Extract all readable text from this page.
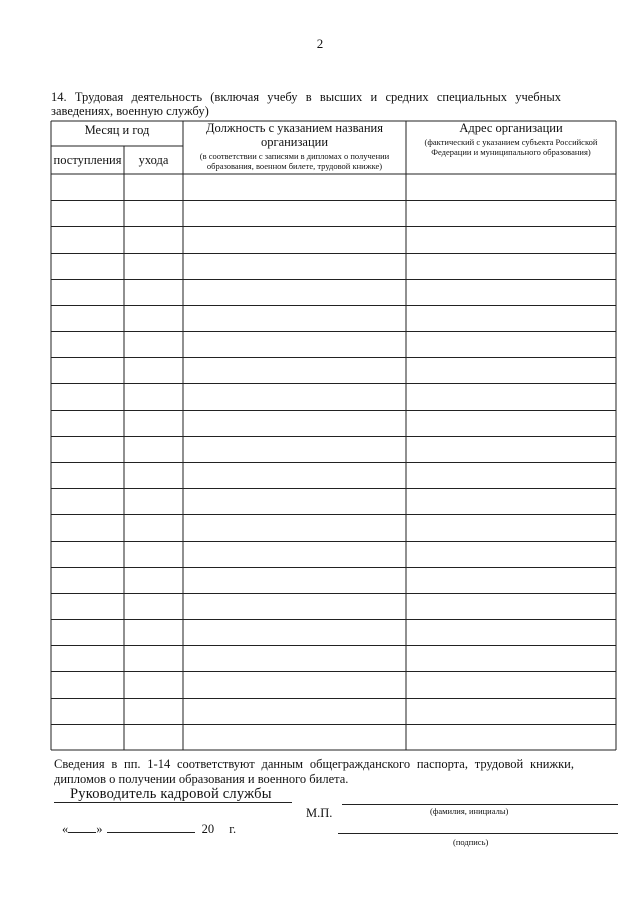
2
14. Трудовая деятельность (включая учебу в высших и средних специальных учебных
заведениях, военную службу)
Месяц и год
поступления	ухода
Должность с указанием названия
организации
(в соответствии с записями в дипломах о получении
образования, военном билете, трудовой книжке)
Адрес организации
(фактический с указанием субъекта Российской
Федерации и муниципального образования)
Сведения в пп. 1-14 соответствуют данным общегражданского паспорта, трудовой книжки,
дипломов о получении образования и военного билета.
Руководитель кадровой службы
М.П.	(фамилия, инициалы)
« »	20 г.
(подпись)
